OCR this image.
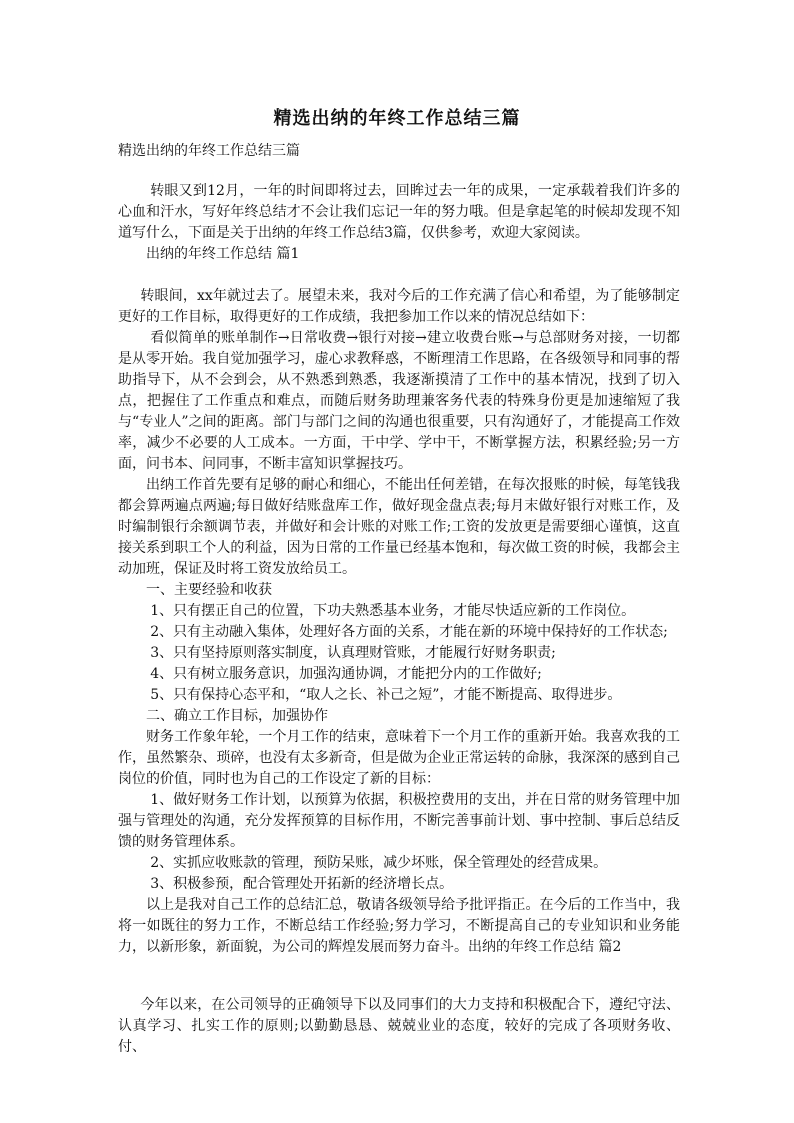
精选出纳的年终工作总结三篇
精选出纳的年终工作总结三篇

转眼又到12月，一年的时间即将过去，回眸过去一年的成果，一定承载着我们许多的心血和汗水，写好年终总结才不会让我们忘记一年的努力哦。但是拿起笔的时候却发现不知道写什么，下面是关于出纳的年终工作总结3篇，仅供参考，欢迎大家阅读。

出纳的年终工作总结 篇1

转眼间，xx年就过去了。展望未来，我对今后的工作充满了信心和希望，为了能够制定更好的工作目标，取得更好的工作成绩，我把参加工作以来的情况总结如下：

看似简单的账单制作→日常收费→银行对接→建立收费台账→与总部财务对接，一切都是从零开始。我自觉加强学习，虚心求教释惑，不断理清工作思路，在各级领导和同事的帮助指导下，从不会到会，从不熟悉到熟悉，我逐渐摸清了工作中的基本情况，找到了切入点，把握住了工作重点和难点，而随后财务助理兼客务代表的特殊身份更是加速缩短了我与“专业人”之间的距离。部门与部门之间的沟通也很重要，只有沟通好了，才能提高工作效率，减少不必要的人工成本。一方面，干中学、学中干，不断掌握方法，积累经验;另一方面，问书本、问同事，不断丰富知识掌握技巧。

出纳工作首先要有足够的耐心和细心，不能出任何差错，在每次报账的时候，每笔钱我都会算两遍点两遍;每日做好结账盘库工作，做好现金盘点表;每月末做好银行对账工作，及时编制银行余额调节表，并做好和会计账的对账工作;工资的发放更是需要细心谨慎，这直接关系到职工个人的利益，因为日常的工作量已经基本饱和，每次做工资的时候，我都会主动加班，保证及时将工资发放给员工。

一、主要经验和收获

1、只有摆正自己的位置，下功夫熟悉基本业务，才能尽快适应新的工作岗位。

2、只有主动融入集体，处理好各方面的关系，才能在新的环境中保持好的工作状态;

3、只有坚持原则落实制度，认真理财管账，才能履行好财务职责;

4、只有树立服务意识，加强沟通协调，才能把分内的工作做好;

5、只有保持心态平和，“取人之长、补己之短”，才能不断提高、取得进步。

二、确立工作目标，加强协作

财务工作象年轮，一个月工作的结束，意味着下一个月工作的重新开始。我喜欢我的工作，虽然繁杂、琐碎，也没有太多新奇，但是做为企业正常运转的命脉，我深深的感到自己岗位的价值，同时也为自己的工作设定了新的目标：

1、做好财务工作计划，以预算为依据，积极控费用的支出，并在日常的财务管理中加强与管理处的沟通，充分发挥预算的目标作用，不断完善事前计划、事中控制、事后总结反馈的财务管理体系。

2、实抓应收账款的管理，预防呆账，减少坏账，保全管理处的经营成果。

3、积极参预，配合管理处开拓新的经济增长点。

以上是我对自己工作的总结汇总，敬请各级领导给予批评指正。在今后的工作当中，我将一如既往的努力工作，不断总结工作经验;努力学习，不断提高自己的专业知识和业务能力，以新形象，新面貌，为公司的辉煌发展而努力奋斗。出纳的年终工作总结 篇2

今年以来，在公司领导的正确领导下以及同事们的大力支持和积极配合下，遵纪守法、认真学习、扎实工作的原则;以勤勤恳恳、兢兢业业的态度，较好的完成了各项财务收、付、
